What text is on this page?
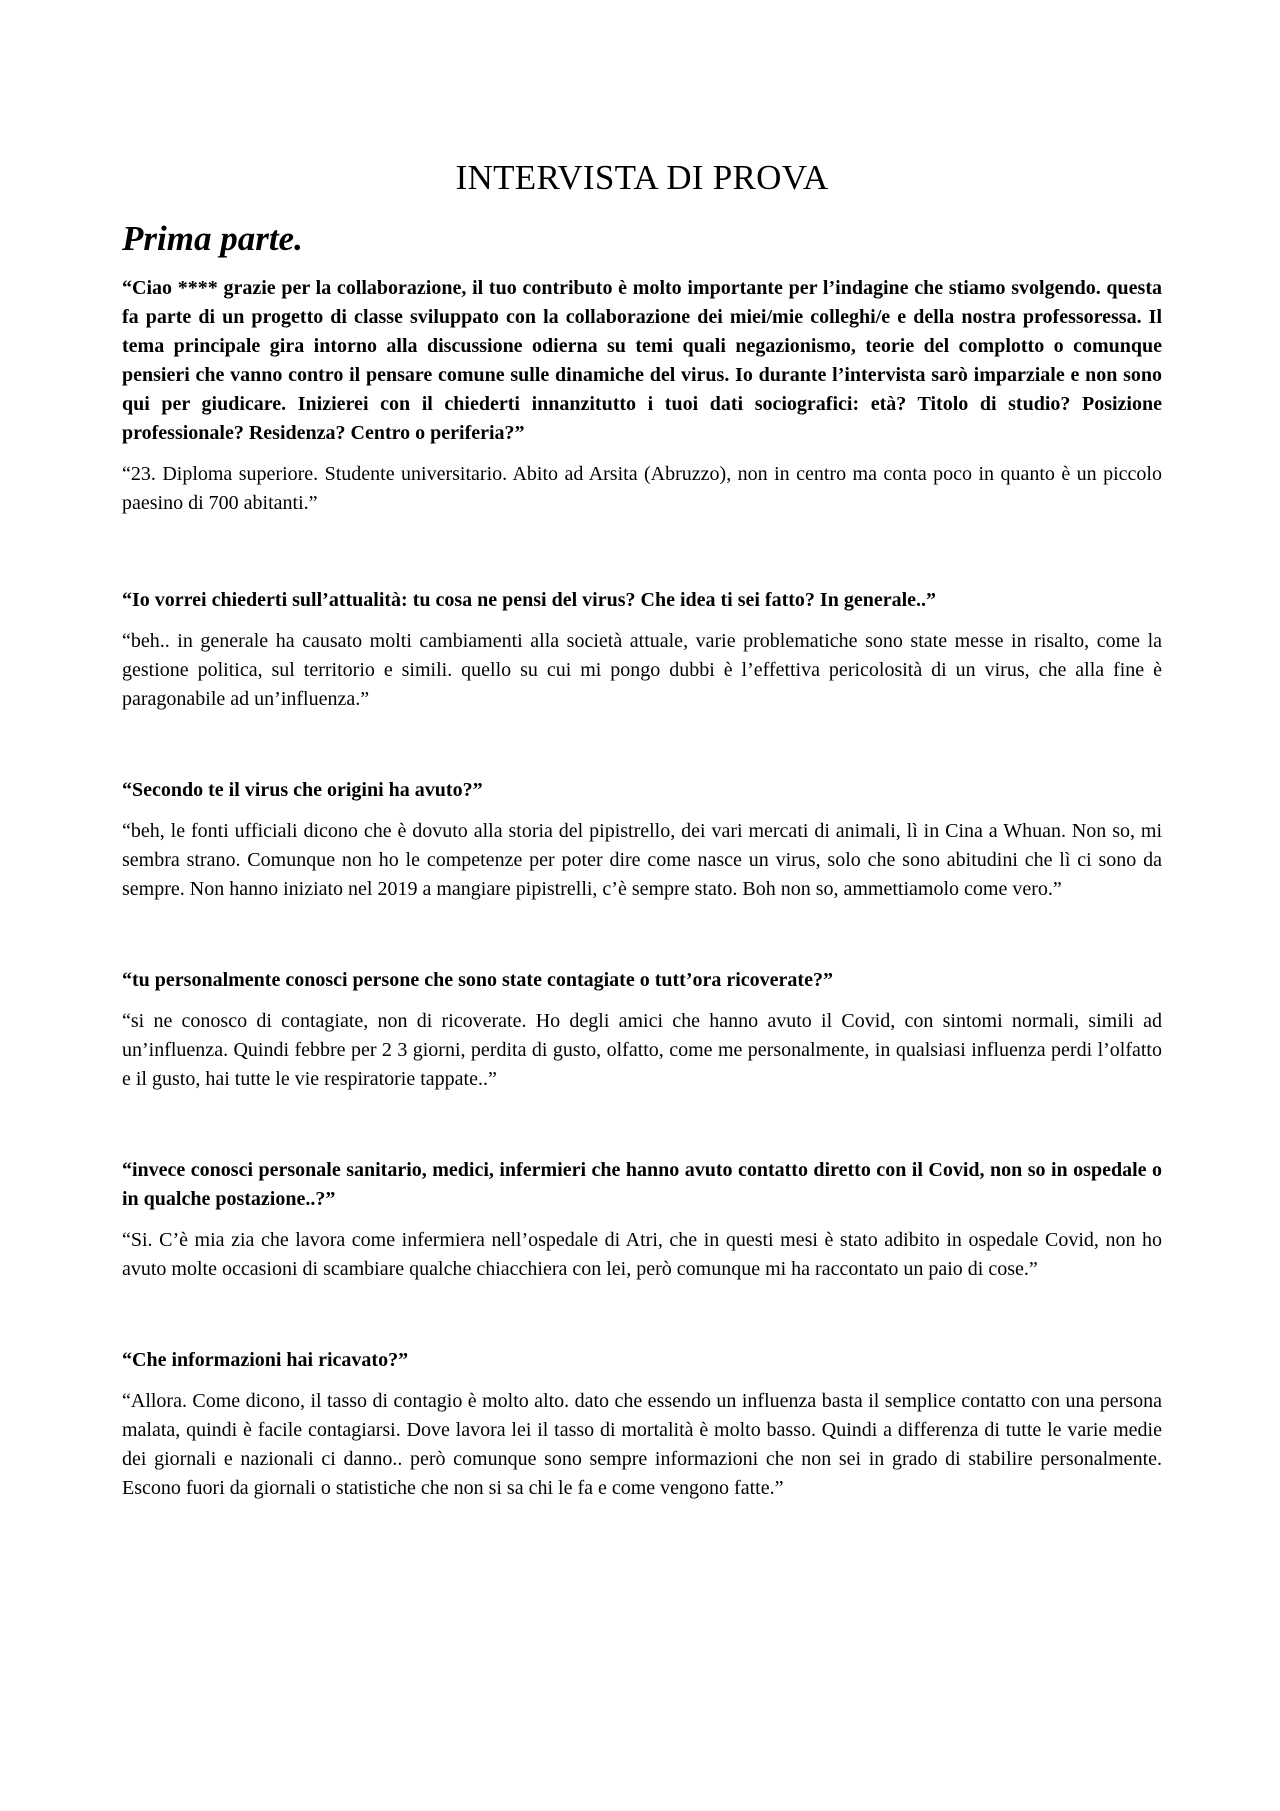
INTERVISTA DI PROVA
Prima parte.

“Ciao **** grazie per la collaborazione, il tuo contributo è molto importante per l’indagine che stiamo svolgendo. questa fa parte di un progetto di classe sviluppato con la collaborazione dei miei/mie colleghi/e e della nostra professoressa. Il tema principale gira intorno alla discussione odierna su temi quali negazionismo, teorie del complotto o comunque pensieri che vanno contro il pensare comune sulle dinamiche del virus. Io durante l’intervista sarò imparziale e non sono qui per giudicare. Inizierei con il chiederti innanzitutto i tuoi dati sociografici: età? Titolo di studio? Posizione professionale? Residenza? Centro o periferia?”

“23. Diploma superiore. Studente universitario. Abito ad Arsita (Abruzzo), non in centro ma conta poco in quanto è un piccolo paesino di 700 abitanti.”

“Io vorrei chiederti sull’attualità: tu cosa ne pensi del virus? Che idea ti sei fatto? In generale..”

“beh.. in generale ha causato molti cambiamenti alla società attuale, varie problematiche sono state messe in risalto, come la gestione politica, sul territorio e simili. quello su cui mi pongo dubbi è l’effettiva pericolosità di un virus, che alla fine è paragonabile ad un’influenza.”

“Secondo te il virus che origini ha avuto?”

“beh, le fonti ufficiali dicono che è dovuto alla storia del pipistrello, dei vari mercati di animali, lì in Cina a Whuan. Non so, mi sembra strano. Comunque non ho le competenze per poter dire come nasce un virus, solo che sono abitudini che lì ci sono da sempre. Non hanno iniziato nel 2019 a mangiare pipistrelli, c’è sempre stato. Boh non so, ammettiamolo come vero.”

“tu personalmente conosci persone che sono state contagiate o tutt’ora ricoverate?”

“si ne conosco di contagiate, non di ricoverate. Ho degli amici che hanno avuto il Covid, con sintomi normali, simili ad un’influenza. Quindi febbre per 2 3 giorni, perdita di gusto, olfatto, come me personalmente, in qualsiasi influenza perdi l’olfatto e il gusto, hai tutte le vie respiratorie tappate..”

“invece conosci personale sanitario, medici, infermieri che hanno avuto contatto diretto con il Covid, non so in ospedale o in qualche postazione..?”

“Si. C’è mia zia che lavora come infermiera nell’ospedale di Atri, che in questi mesi è stato adibito in ospedale Covid, non ho avuto molte occasioni di scambiare qualche chiacchiera con lei, però comunque mi ha raccontato un paio di cose.”

“Che informazioni hai ricavato?”

“Allora. Come dicono, il tasso di contagio è molto alto. dato che essendo un influenza basta il semplice contatto con una persona malata, quindi è facile contagiarsi. Dove lavora lei il tasso di mortalità è molto basso. Quindi a differenza di tutte le varie medie dei giornali e nazionali ci danno.. però comunque sono sempre informazioni che non sei in grado di stabilire personalmente. Escono fuori da giornali o statistiche che non si sa chi le fa e come vengono fatte.”
